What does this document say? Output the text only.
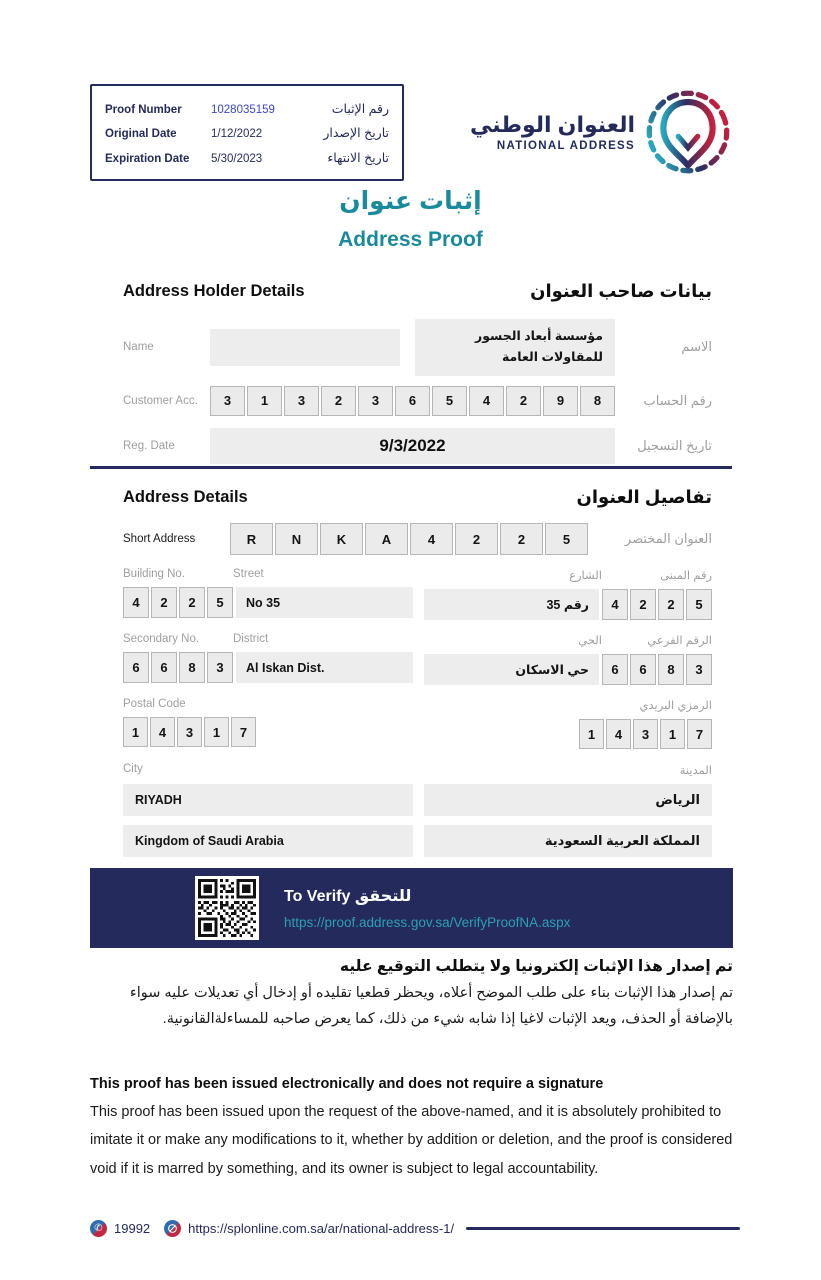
Proof Number	1028035159	رقم الإثبات
Original Date	1/12/2022	تاريخ الإصدار
Expiration Date	5/30/2023	تاريخ الانتهاء
العنوان الوطني
NATIONAL ADDRESS
إثبات عنوان
Address Proof
Address Holder Details	بيانات صاحب العنوان
Name
مؤسسة أبعاد الجسور للمقاولات العامة
الاسم
Customer Acc.	3	1	3	2	3	6	5	4	2	9	8	رقم الحساب
Reg. Date	9/3/2022	تاريخ التسجيل
Address Details	تفاصيل العنوان
Short Address	R	N	K	A	4	2	2	5	العنوان المختصر
Building No.	Street
4	2	2	5	No 35
رقم المبنى
الشارع
4	2	2	5
رقم 35
Secondary No.	District
6	6	8	3	Al Iskan Dist.
الرقم الفرعي
الحي
6	6	8	3
حي الاسكان
Postal Code
1	4	3	1	7
الرمزي البريدي
1	4	3	1	7
City	المدينة
RIYADH	الرياض
Kingdom of Saudi Arabia	المملكة العربية السعودية
To Verify للتحقق
https://proof.address.gov.sa/VerifyProofNA.aspx
تم إصدار هذا الإثبات إلكترونيا ولا يتطلب التوقيع عليه
تم إصدار هذا الإثبات بناء على طلب الموضح أعلاه، ويحظر قطعيا تقليده أو إدخال أي تعديلات عليه سواء بالإضافة أو الحذف، ويعد الإثبات لاغيا إذا شابه شيء من ذلك، كما يعرض صاحبه للمساءلةالقانونية.
This proof has been issued electronically and does not require a signature
This proof has been issued upon the request of the above-named, and it is absolutely prohibited to imitate it or make any modifications to it, whether by addition or deletion, and the proof is considered void if it is marred by something, and its owner is subject to legal accountability.
✆ 19992	https://splonline.com.sa/ar/national-address-1/
